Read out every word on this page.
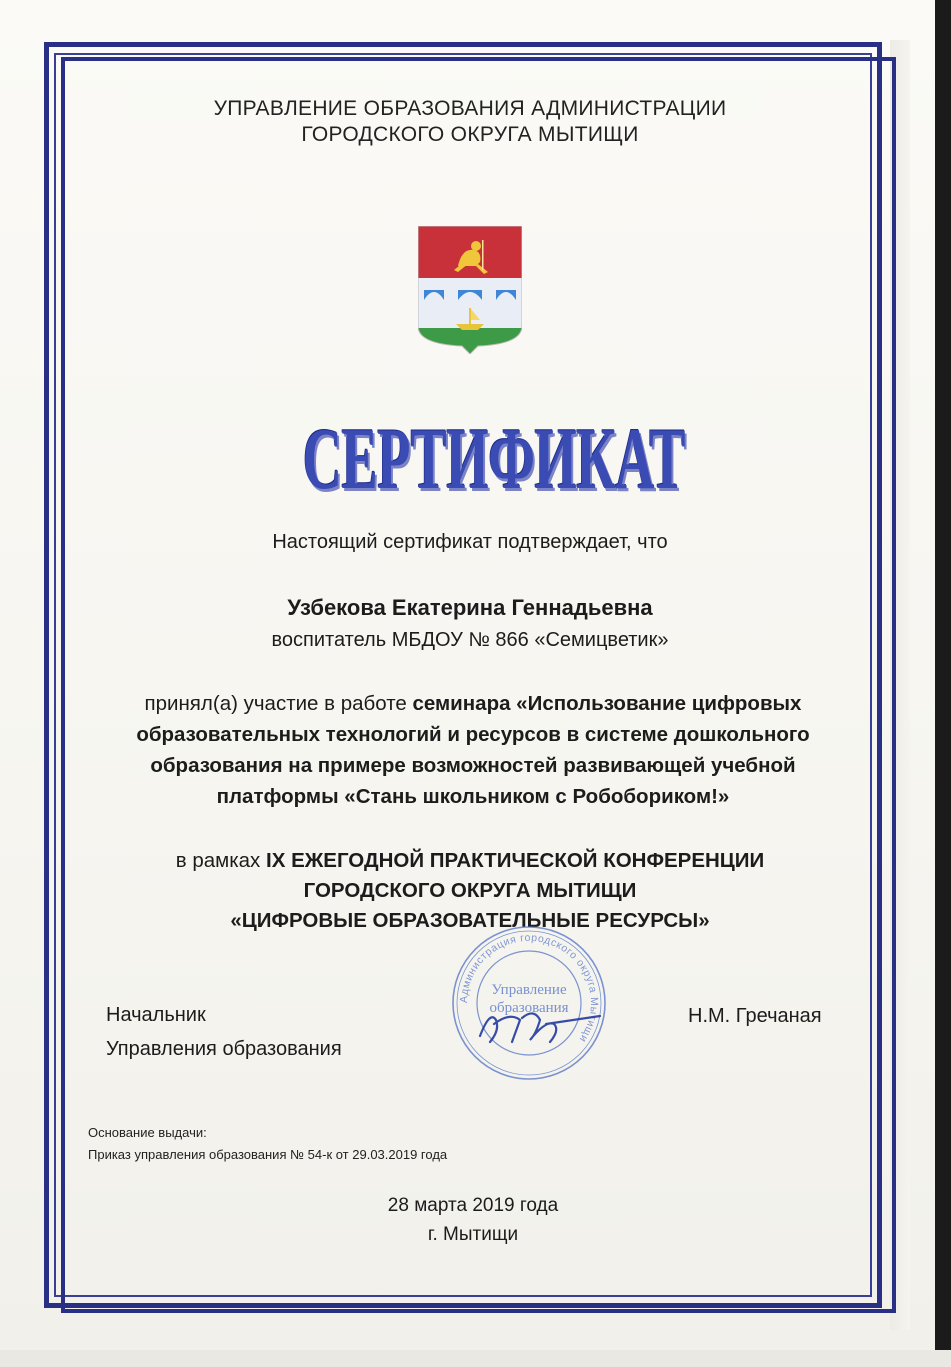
УПРАВЛЕНИЕ ОБРАЗОВАНИЯ АДМИНИСТРАЦИИ
ГОРОДСКОГО ОКРУГА МЫТИЩИ
СЕРТИФИКАТ
Настоящий сертификат подтверждает, что
Узбекова Екатерина Геннадьевна
воспитатель МБДОУ № 866 «Семицветик»
принял(а) участие в работе семинара «Использование цифровых
образовательных технологий и ресурсов в системе дошкольного
образования на примере возможностей развивающей учебной
платформы «Стань школьником с Робобориком!»
в рамках IX ЕЖЕГОДНОЙ ПРАКТИЧЕСКОЙ КОНФЕРЕНЦИИ
ГОРОДСКОГО ОКРУГА МЫТИЩИ
«ЦИФРОВЫЕ ОБРАЗОВАТЕЛЬНЫЕ РЕСУРСЫ»
Администрация городского округа Мытищи
Управление
образования
Начальник
Управления образования
Н.М. Гречаная
Основание выдачи:
Приказ управления образования № 54-к от 29.03.2019 года
28 марта 2019 года
г. Мытищи
